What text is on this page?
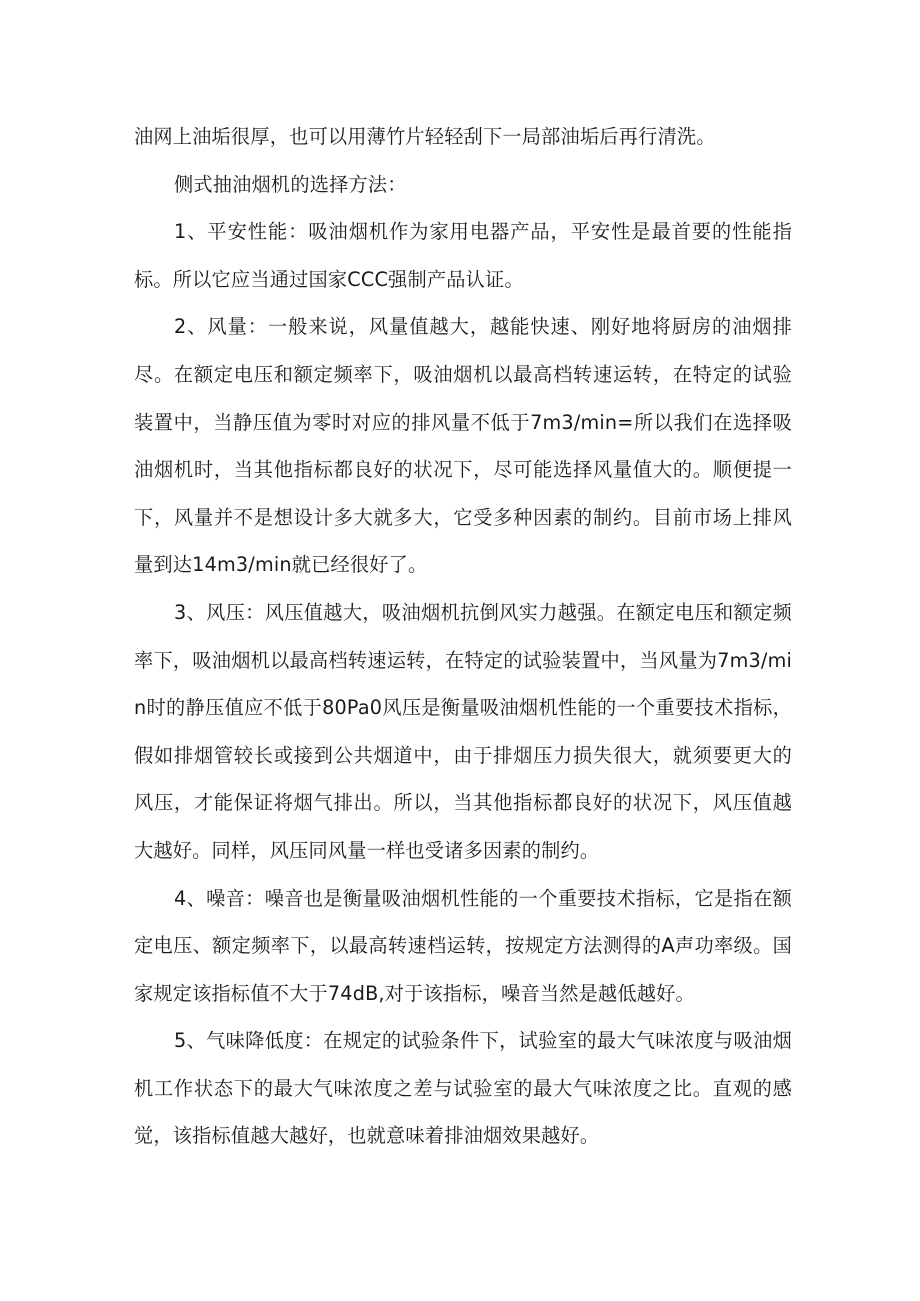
油网上油垢很厚，也可以用薄竹片轻轻刮下一局部油垢后再行清洗。

侧式抽油烟机的选择方法：

1、平安性能：吸油烟机作为家用电器产品，平安性是最首要的性能指标。所以它应当通过国家CCC强制产品认证。

2、风量：一般来说，风量值越大，越能快速、刚好地将厨房的油烟排尽。在额定电压和额定频率下，吸油烟机以最高档转速运转，在特定的试验装置中，当静压值为零时对应的排风量不低于7m3/min=所以我们在选择吸油烟机时，当其他指标都良好的状况下，尽可能选择风量值大的。顺便提一下，风量并不是想设计多大就多大，它受多种因素的制约。目前市场上排风量到达14m3/min就已经很好了。

3、风压：风压值越大，吸油烟机抗倒风实力越强。在额定电压和额定频率下，吸油烟机以最高档转速运转，在特定的试验装置中，当风量为7m3/min时的静压值应不低于80Pa0风压是衡量吸油烟机性能的一个重要技术指标，假如排烟管较长或接到公共烟道中，由于排烟压力损失很大，就须要更大的风压，才能保证将烟气排出。所以，当其他指标都良好的状况下，风压值越大越好。同样，风压同风量一样也受诸多因素的制约。

4、噪音：噪音也是衡量吸油烟机性能的一个重要技术指标，它是指在额定电压、额定频率下，以最高转速档运转，按规定方法测得的A声功率级。国家规定该指标值不大于74dB,对于该指标，噪音当然是越低越好。

5、气味降低度：在规定的试验条件下，试验室的最大气味浓度与吸油烟机工作状态下的最大气味浓度之差与试验室的最大气味浓度之比。直观的感觉，该指标值越大越好，也就意味着排油烟效果越好。
